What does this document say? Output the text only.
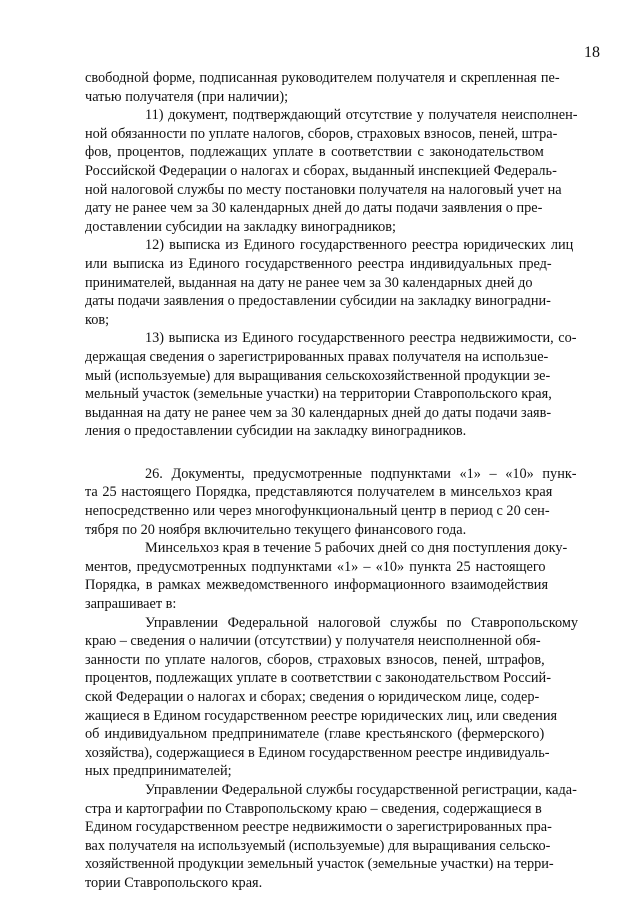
18
свободной форме, подписанная руководителем получателя и скрепленная пе-
чатью получателя (при наличии);
11) документ, подтверждающий отсутствие у получателя неисполнен-
ной обязанности по уплате налогов, сборов, страховых взносов, пеней, штра-
фов, процентов, подлежащих уплате в соответствии с законодательством
Российской Федерации о налогах и сборах, выданный инспекцией Федераль-
ной налоговой службы по месту постановки получателя на налоговый учет на
дату не ранее чем за 30 календарных дней до даты подачи заявления о пре-
доставлении субсидии на закладку виноградников;
12) выписка из Единого государственного реестра юридических лиц
или выписка из Единого государственного реестра индивидуальных пред-
принимателей, выданная на дату не ранее чем за 30 календарных дней до
даты подачи заявления о предоставлении субсидии на закладку виноградни-
ков;
13) выписка из Единого государственного реестра недвижимости, со-
держащая сведения о зарегистрированных правах получателя на использue-
мый (используемые) для выращивания сельскохозяйственной продукции зе-
мельный участок (земельные участки) на территории Ставропольского края,
выданная на дату не ранее чем за 30 календарных дней до даты подачи заяв-
ления о предоставлении субсидии на закладку виноградников.
26. Документы, предусмотренные подпунктами «1» – «10» пунк-
та 25 настоящего Порядка, представляются получателем в минсельхоз края
непосредственно или через многофункциональный центр в период с 20 сен-
тября по 20 ноября включительно текущего финансового года.
Минсельхоз края в течение 5 рабочих дней со дня поступления доку-
ментов, предусмотренных подпунктами «1» – «10» пункта 25 настоящего
Порядка, в рамках межведомственного информационного взаимодействия
запрашивает в:
Управлении Федеральной налоговой службы по Ставропольскому
краю – сведения о наличии (отсутствии) у получателя неисполненной обя-
занности по уплате налогов, сборов, страховых взносов, пеней, штрафов,
процентов, подлежащих уплате в соответствии с законодательством Россий-
ской Федерации о налогах и сборах; сведения о юридическом лице, содер-
жащиеся в Едином государственном реестре юридических лиц, или сведения
об индивидуальном предпринимателе (главе крестьянского (фермерского)
хозяйства), содержащиеся в Едином государственном реестре индивидуаль-
ных предпринимателей;
Управлении Федеральной службы государственной регистрации, када-
стра и картографии по Ставропольскому краю – сведения, содержащиеся в
Едином государственном реестре недвижимости о зарегистрированных пра-
вах получателя на используемый (используемые) для выращивания сельско-
хозяйственной продукции земельный участок (земельные участки) на терри-
тории Ставропольского края.
